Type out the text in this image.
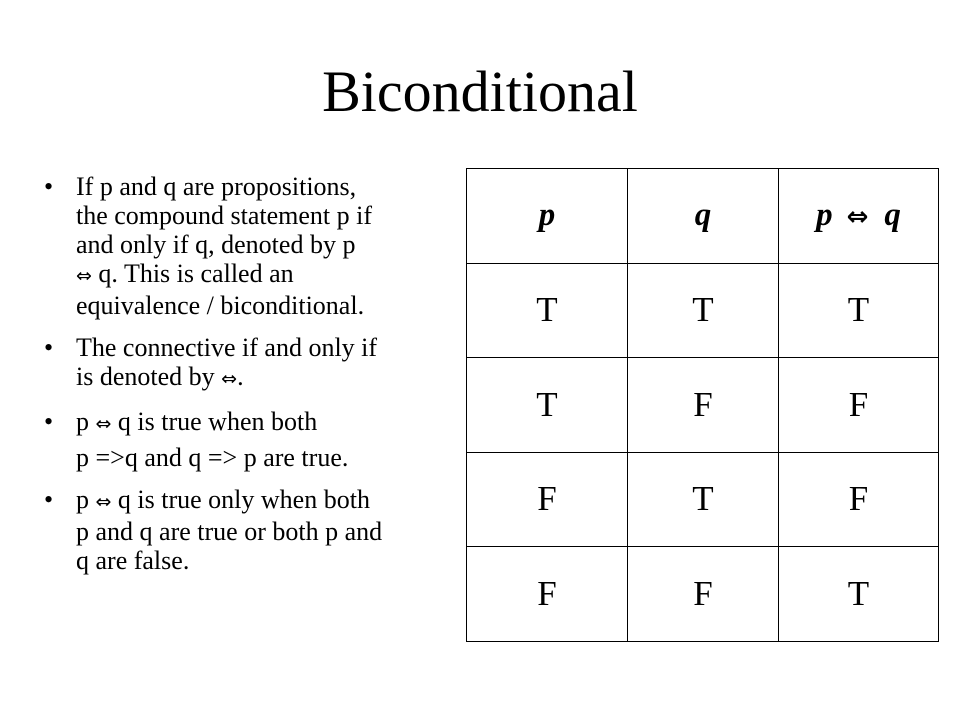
Biconditional
• If p and q are propositions,
the compound statement p if
and only if q, denoted by p
⇔ q. This is called an
equivalence / biconditional.
• The connective if and only if
is denoted by ⇔.
• p ⇔ q is true when both
p =>q and q => p are true.
• p ⇔ q is true only when both
p and q are true or both p and
q are false.
p	q	p ⇔ q
T	T	T
T	F	F
F	T	F
F	F	T
